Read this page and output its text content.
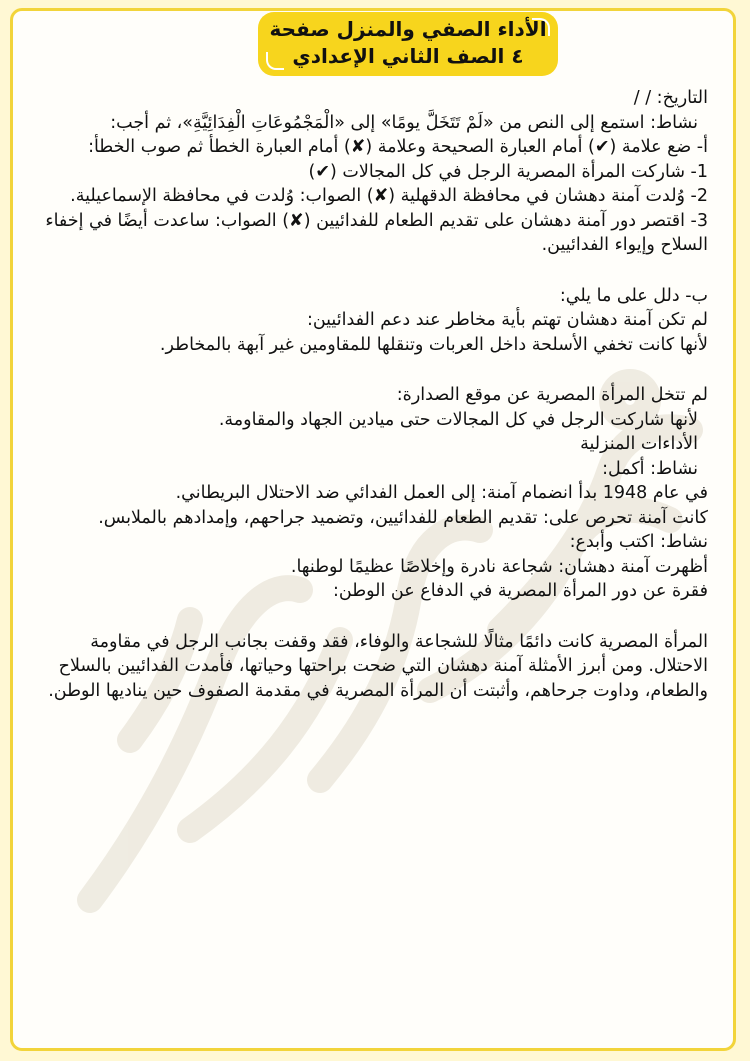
الأداء الصفي والمنزل صفحة
٤ الصف الثاني الإعدادي

التاريخ: / /

نشاط: استمع إلى النص من «لَمْ تَتَخَلَّ يومًا» إلى «الْمَجْمُوعَاتِ الْفِدَائِيَّةِ»، ثم أجب:

أ- ضع علامة (✔) أمام العبارة الصحيحة وعلامة (✘) أمام العبارة الخطأ ثم صوب الخطأ:

1- شاركت المرأة المصرية الرجل في كل المجالات (✔)

2- وُلدت آمنة دهشان في محافظة الدقهلية (✘) الصواب: وُلدت في محافظة الإسماعيلية.

3- اقتصر دور آمنة دهشان على تقديم الطعام للفدائيين (✘) الصواب: ساعدت أيضًا في إخفاء السلاح وإيواء الفدائيين.

ب- دلل على ما يلي:

لم تكن آمنة دهشان تهتم بأية مخاطر عند دعم الفدائيين:

لأنها كانت تخفي الأسلحة داخل العربات وتنقلها للمقاومين غير آبهة بالمخاطر.

لم تتخل المرأة المصرية عن موقع الصدارة:

لأنها شاركت الرجل في كل المجالات حتى ميادين الجهاد والمقاومة.

الأداءات المنزلية

نشاط: أكمل:

في عام 1948 بدأ انضمام آمنة: إلى العمل الفدائي ضد الاحتلال البريطاني.

كانت آمنة تحرص على: تقديم الطعام للفدائيين، وتضميد جراحهم، وإمدادهم بالملابس.

نشاط: اكتب وأبدع:

أظهرت آمنة دهشان: شجاعة نادرة وإخلاصًا عظيمًا لوطنها.

فقرة عن دور المرأة المصرية في الدفاع عن الوطن:

المرأة المصرية كانت دائمًا مثالًا للشجاعة والوفاء، فقد وقفت بجانب الرجل في مقاومة الاحتلال. ومن أبرز الأمثلة آمنة دهشان التي ضحت براحتها وحياتها، فأمدت الفدائيين بالسلاح والطعام، وداوت جرحاهم، وأثبتت أن المرأة المصرية في مقدمة الصفوف حين يناديها الوطن.
